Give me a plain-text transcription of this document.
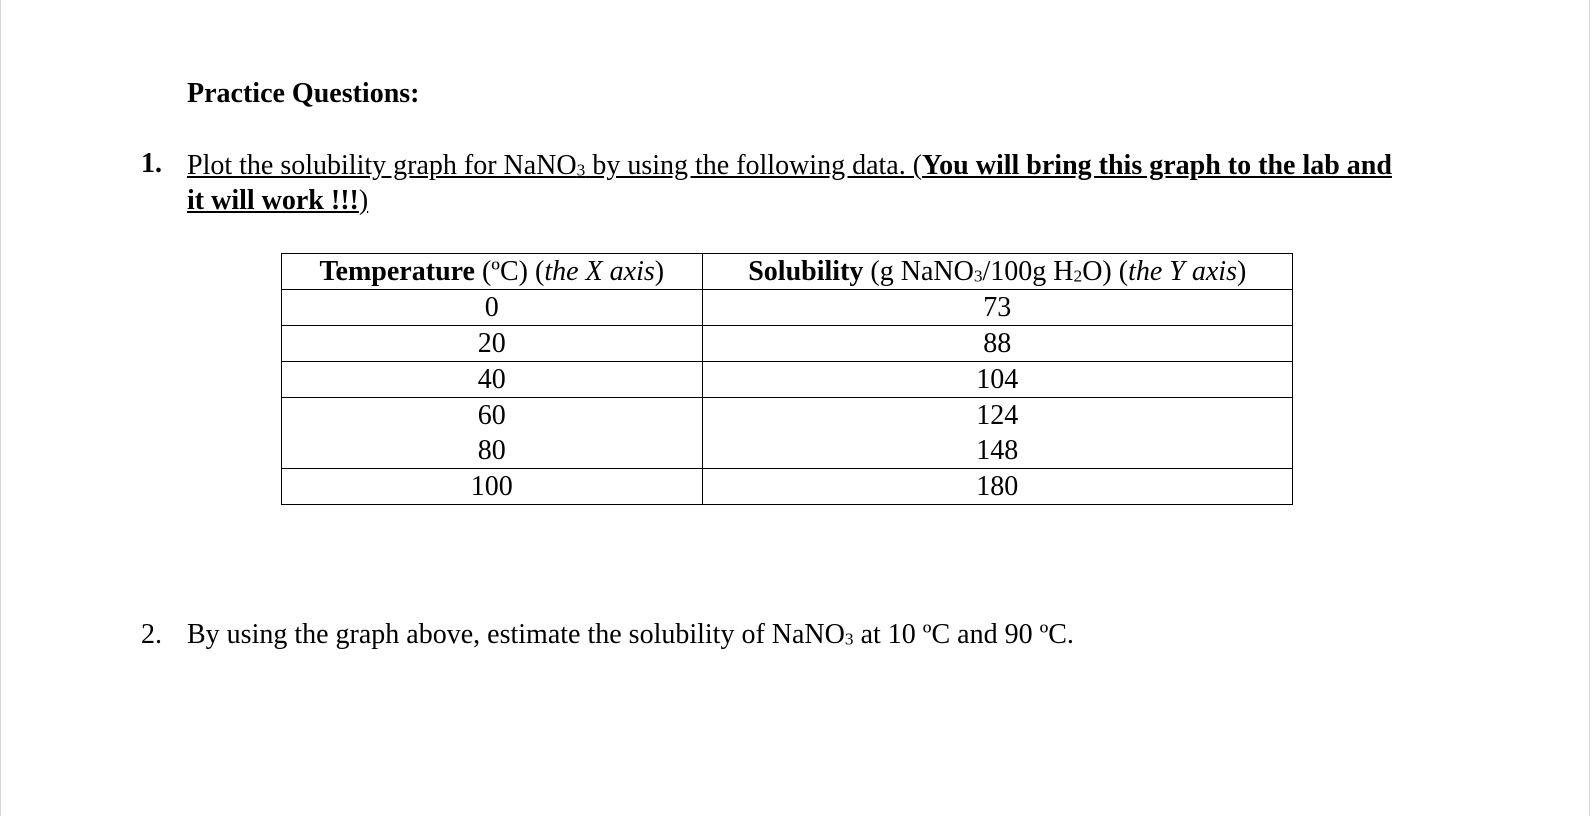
Practice Questions:
1. Plot the solubility graph for NaNO$_3$ by using the following data. (You will bring this graph to the lab and it will work !!!)
Temperature (ºC) (the X axis)	Solubility (g NaNO$_3$/100g $H_2O$) (the Y axis)
0	73
20	88
40	104
60	124
80	148
100	180
2. By using the graph above, estimate the solubility of NaNO$_3$ at 10 ºC and 90 ºC.
